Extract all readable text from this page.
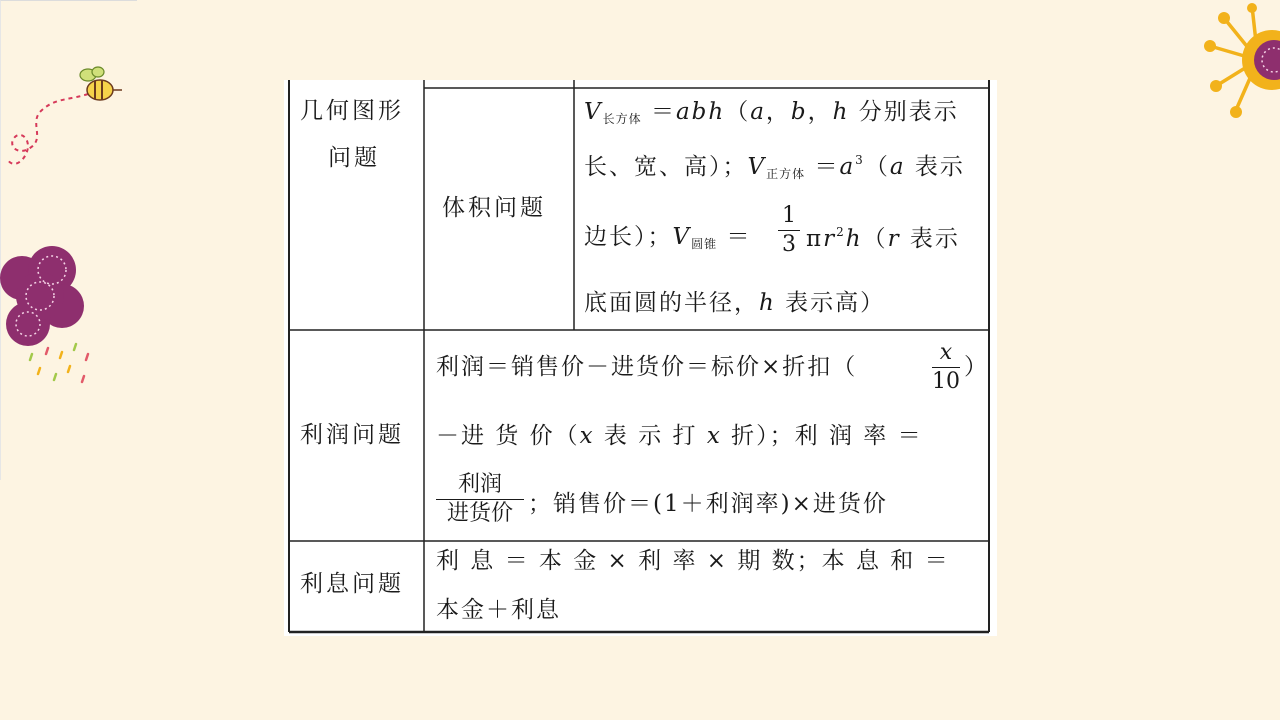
几何图形
问题
体积问题
$V_{长方体} =abh(a$，b，h 分别表示
长、宽、高）；$V_{正方体} =a^3(a$ 表示
边长）；$V_{圆锥}$ ＝
1
3 $\pi r^2h(r$ 表示
底面圆的半径，h 表示高）
利润问题
利润＝销售价－进货价＝标价×折扣（
x
10
）
－进 货 价（x 表 示 打 x 折）；利 润 率 ＝
利润
进货价 ；销售价＝(1＋利润率)×进货价
利息问题
利 息 ＝ 本 金 × 利 率 × 期 数；本 息 和 ＝
本金＋利息
